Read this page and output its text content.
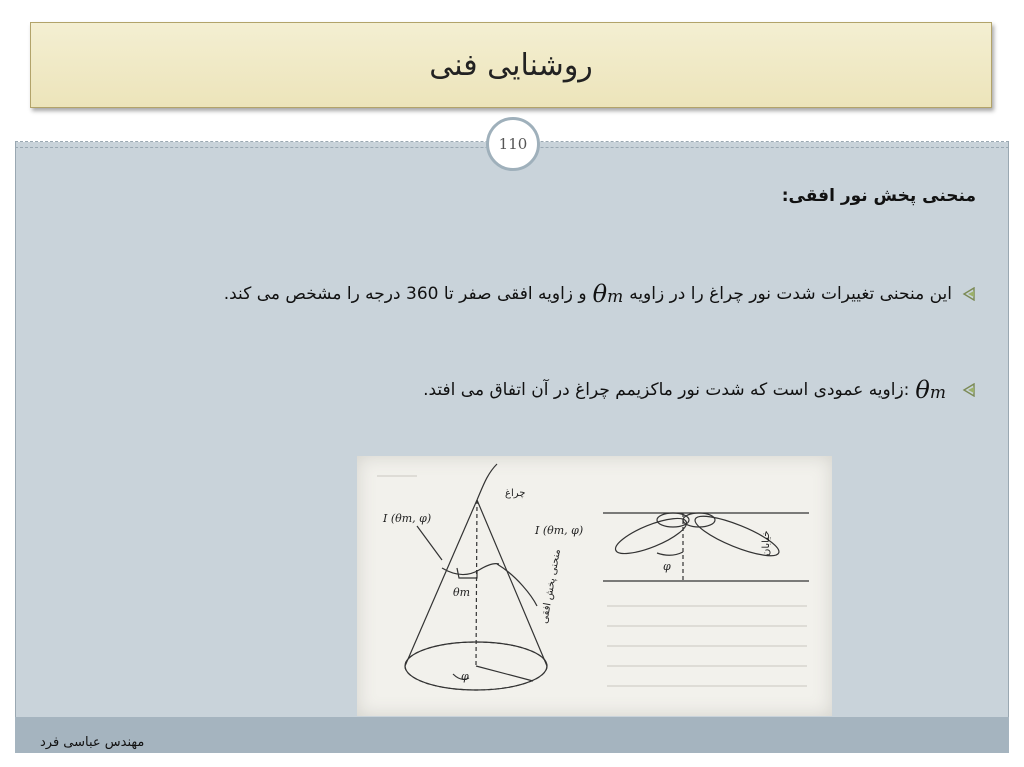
روشنایی فنی
110
منحنی پخش نور افقی:
این منحنی تغییرات شدت نور چراغ را در زاویه
θm
و زاویه افقی صفر تا 360 درجه را مشخص می کند.
θm
:زاویه عمودی است که شدت نور ماکزیمم چراغ در آن اتفاق می افتد.
I (θm, φ)
چراغ
θm
φ
منحنی پخش افقی
I (θm, φ)
خیابان
φ
مهندس عباسی فرد
